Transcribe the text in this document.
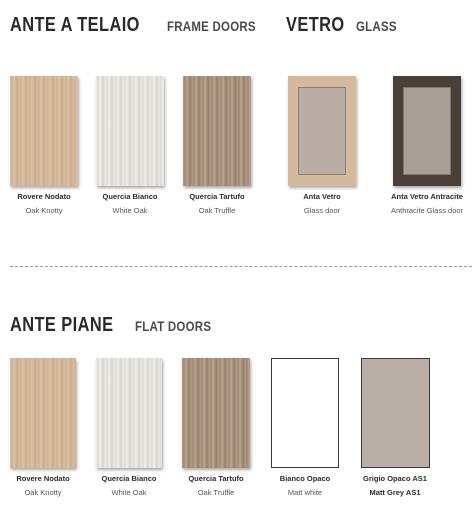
ANTE A TELAIO FRAME DOORS	VETRO GLASS
ANTE PIANE FLAT DOORS
Rovere Nodato
Oak Knotty
Quercia Bianco
White Oak
Quercia Tartufo
Oak Truffle
Anta Vetro
Glass door
Anta Vetro Antracite
Anthracite Glass door
Rovere Nodato
Oak Knotty
Quercia Bianco
White Oak
Quercia Tartufo
Oak Truffle
Bianco Opaco
Matt white
Grigio Opaco AS1
Matt Grey AS1
